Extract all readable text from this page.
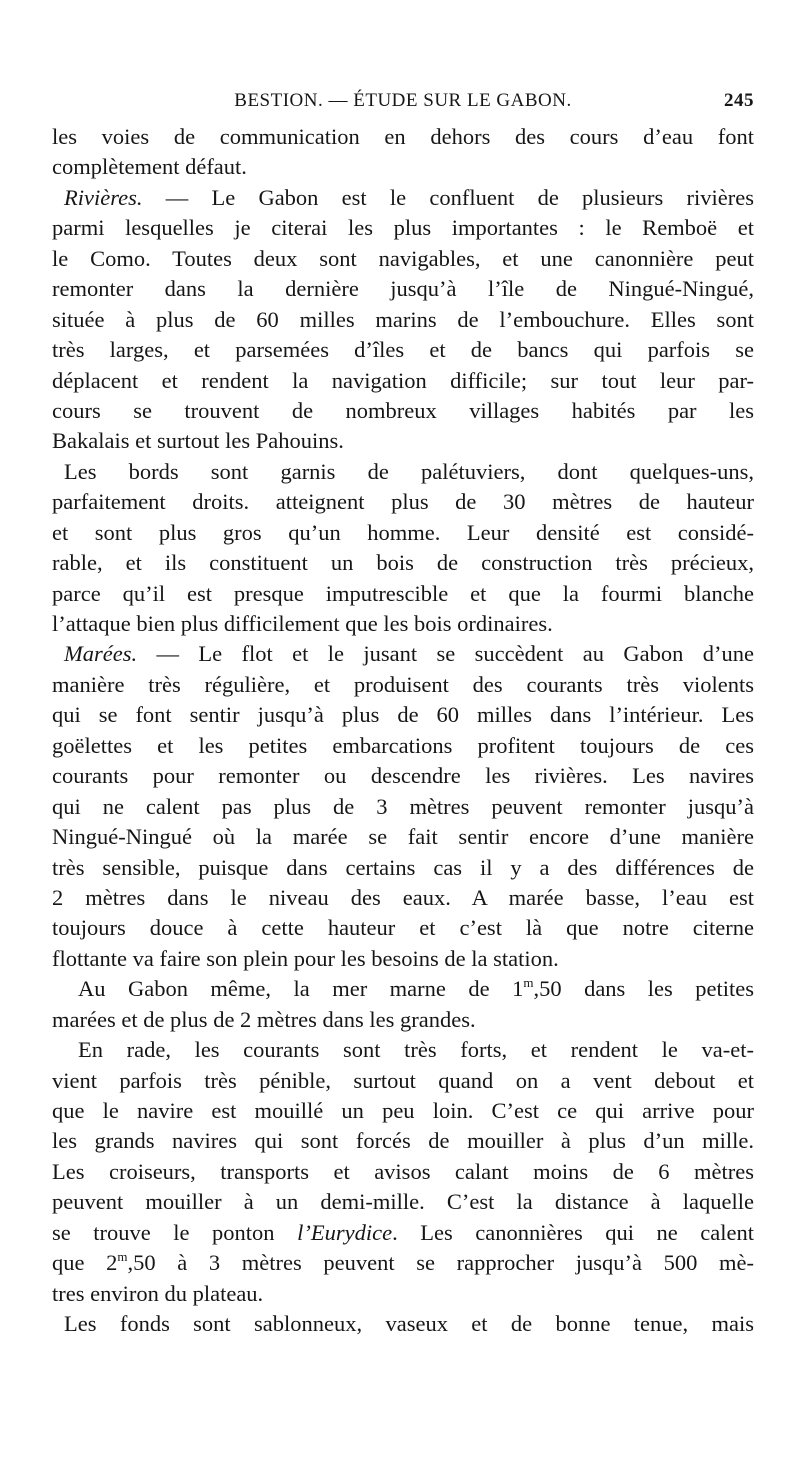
BESTION. — ÉTUDE SUR LE GABON.	245
les voies de communication en dehors des cours d’eau font
complètement défaut.
Rivières. — Le Gabon est le confluent de plusieurs rivières
parmi lesquelles je citerai les plus importantes : le Remboë et
le Como. Toutes deux sont navigables, et une canonnière peut
remonter dans la dernière jusqu’à l’île de Ningué-Ningué,
située à plus de 60 milles marins de l’embouchure. Elles sont
très larges, et parsemées d’îles et de bancs qui parfois se
déplacent et rendent la navigation difficile; sur tout leur par-
cours se trouvent de nombreux villages habités par les
Bakalais et surtout les Pahouins.
Les bords sont garnis de palétuviers, dont quelques-uns,
parfaitement droits. atteignent plus de 30 mètres de hauteur
et sont plus gros qu’un homme. Leur densité est considé-
rable, et ils constituent un bois de construction très précieux,
parce qu’il est presque imputrescible et que la fourmi blanche
l’attaque bien plus difficilement que les bois ordinaires.
Marées. — Le flot et le jusant se succèdent au Gabon d’une
manière très régulière, et produisent des courants très violents
qui se font sentir jusqu’à plus de 60 milles dans l’intérieur. Les
goëlettes et les petites embarcations profitent toujours de ces
courants pour remonter ou descendre les rivières. Les navires
qui ne calent pas plus de 3 mètres peuvent remonter jusqu’à
Ningué-Ningué où la marée se fait sentir encore d’une manière
très sensible, puisque dans certains cas il y a des différences de
2 mètres dans le niveau des eaux. A marée basse, l’eau est
toujours douce à cette hauteur et c’est là que notre citerne
flottante va faire son plein pour les besoins de la station.
Au Gabon même, la mer marne de 1$^m$,50 dans les petites
marées et de plus de 2 mètres dans les grandes.
En rade, les courants sont très forts, et rendent le va-et-
vient parfois très pénible, surtout quand on a vent debout et
que le navire est mouillé un peu loin. C’est ce qui arrive pour
les grands navires qui sont forcés de mouiller à plus d’un mille.
Les croiseurs, transports et avisos calant moins de 6 mètres
peuvent mouiller à un demi-mille. C’est la distance à laquelle
se trouve le ponton l’Eurydice. Les canonnières qui ne calent
que 2$^m$,50 à 3 mètres peuvent se rapprocher jusqu’à 500 mè-
tres environ du plateau.
Les fonds sont sablonneux, vaseux et de bonne tenue, mais
